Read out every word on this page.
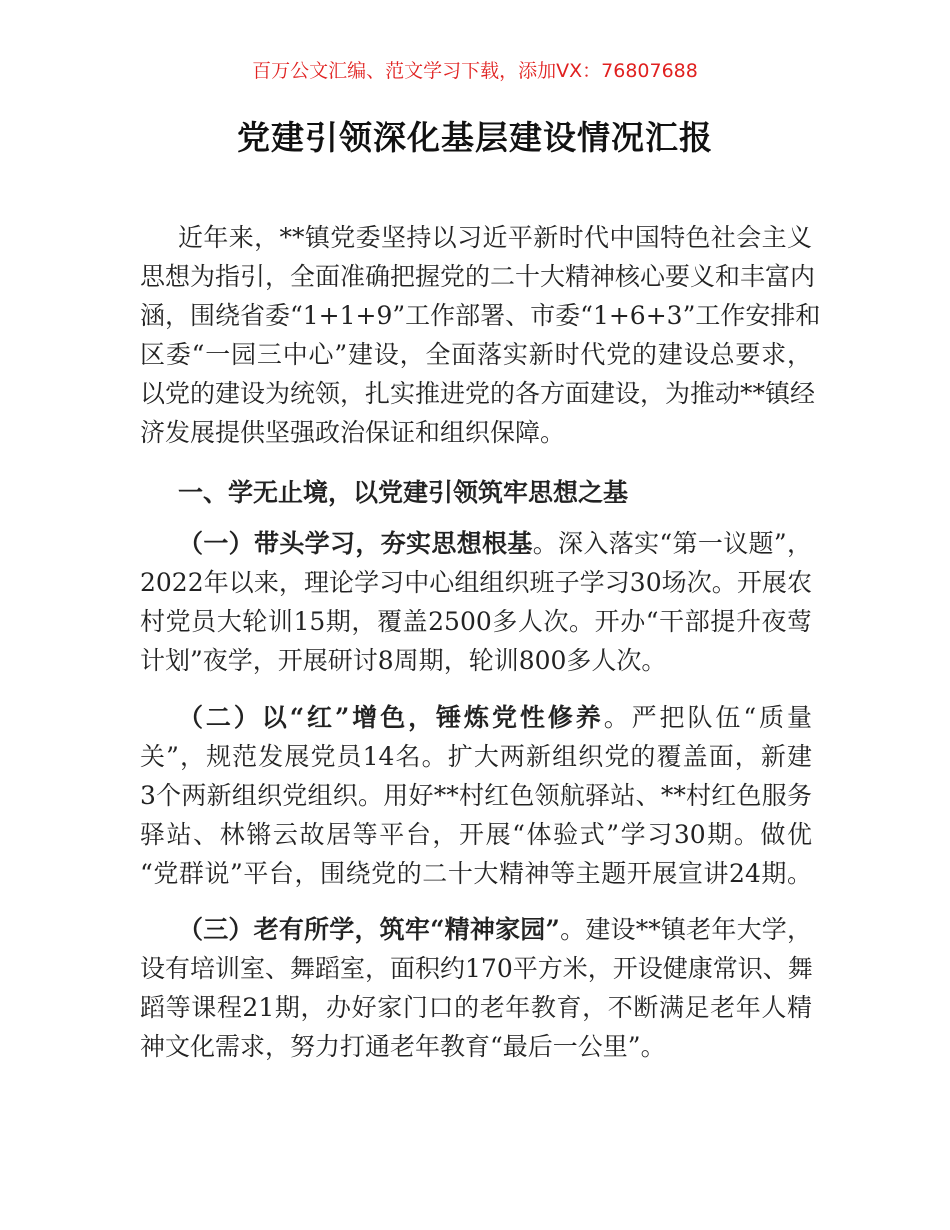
百万公文汇编、范文学习下载，添加VX：76807688
党建引领深化基层建设情况汇报
近年来，**镇党委坚持以习近平新时代中国特色社会主义
思想为指引，全面准确把握党的二十大精神核心要义和丰富内
涵，围绕省委“1+1+9”工作部署、市委“1+6+3”工作安排和
区委“一园三中心”建设，全面落实新时代党的建设总要求，
以党的建设为统领，扎实推进党的各方面建设，为推动**镇经
济发展提供坚强政治保证和组织保障。
一、学无止境，以党建引领筑牢思想之基
（一）带头学习，夯实思想根基。深入落实“第一议题”，
2022年以来，理论学习中心组组织班子学习30场次。开展农
村党员大轮训15期，覆盖2500多人次。开办“干部提升夜莺
计划”夜学，开展研讨8周期，轮训800多人次。
（二）以“红”增色，锤炼党性修养。严把队伍“质量
关”，规范发展党员14名。扩大两新组织党的覆盖面，新建
3个两新组织党组织。用好**村红色领航驿站、**村红色服务
驿站、林锵云故居等平台，开展“体验式”学习30期。做优
“党群说”平台，围绕党的二十大精神等主题开展宣讲24期。
（三）老有所学，筑牢“精神家园”。建设**镇老年大学，
设有培训室、舞蹈室，面积约170平方米，开设健康常识、舞
蹈等课程21期，办好家门口的老年教育，不断满足老年人精
神文化需求，努力打通老年教育“最后一公里”。
